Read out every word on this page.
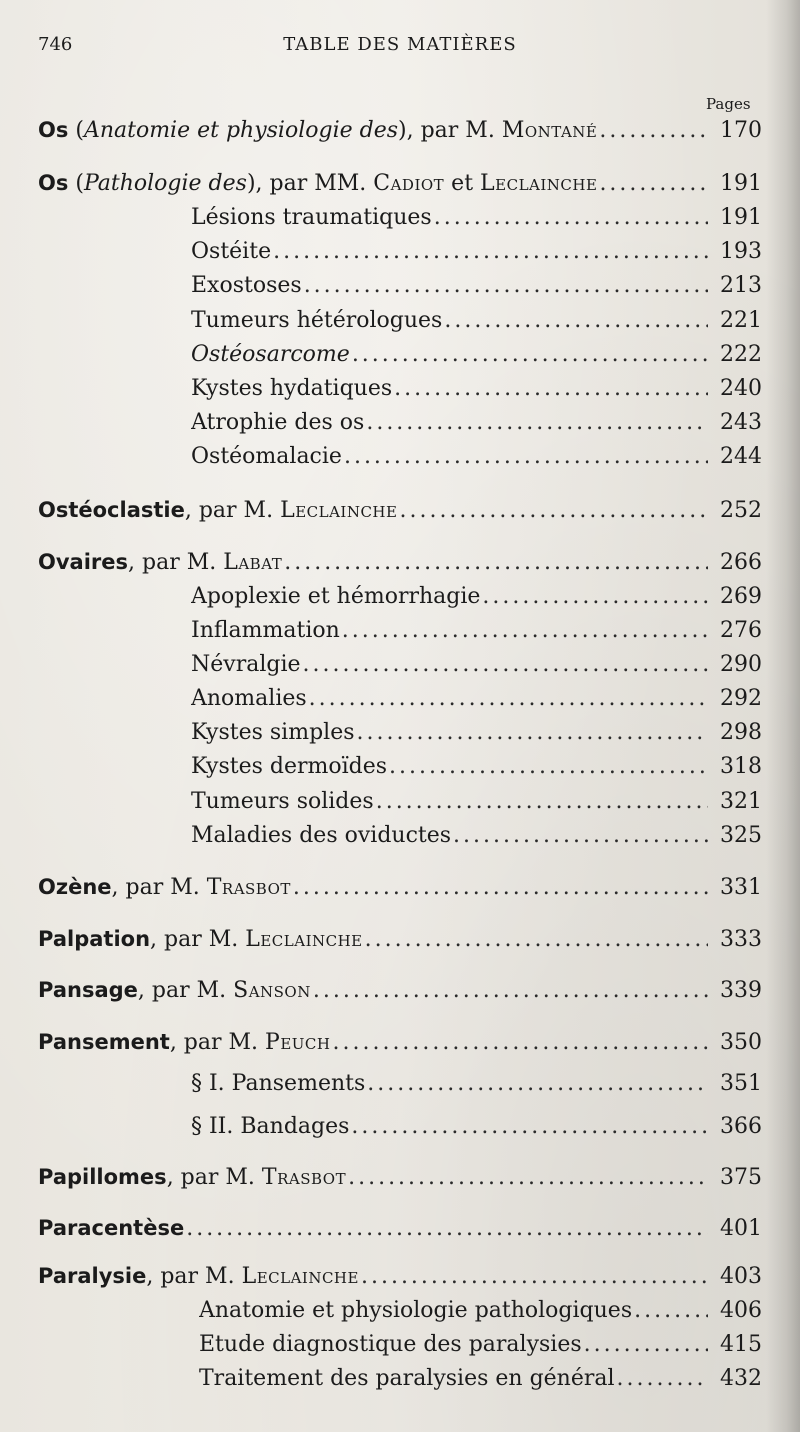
746	TABLE DES MATIÈRES
Pages
Os (Anatomie et physiologie des), par M. Montané .....	170
Os (Pathologie des), par MM. Cadiot et Leclainche .....	191
Lésions traumatiques .....	191
Ostéite .....	193
Exostoses .....	213
Tumeurs hétérologues .....	221
Ostéosarcome .....	222
Kystes hydatiques .....	240
Atrophie des os .....	243
Ostéomalacie .....	244
Ostéoclastie, par M. Leclainche .....	252
Ovaires, par M. Labat .....	266
Apoplexie et hémorrhagie .....	269
Inflammation .....	276
Névralgie .....	290
Anomalies .....	292
Kystes simples .....	298
Kystes dermoïdes .....	318
Tumeurs solides .....	321
Maladies des oviductes .....	325
Ozène, par M. Trasbot .....	331
Palpation, par M. Leclainche .....	333
Pansage, par M. Sanson .....	339
Pansement, par M. Peuch .....	350
§ I. Pansements .....	351
§ II. Bandages .....	366
Papillomes, par M. Trasbot .....	375
Paracentèse .....	401
Paralysie, par M. Leclainche .....	403
Anatomie et physiologie pathologiques .....	406
Etude diagnostique des paralysies .....	415
Traitement des paralysies en général .....	432
